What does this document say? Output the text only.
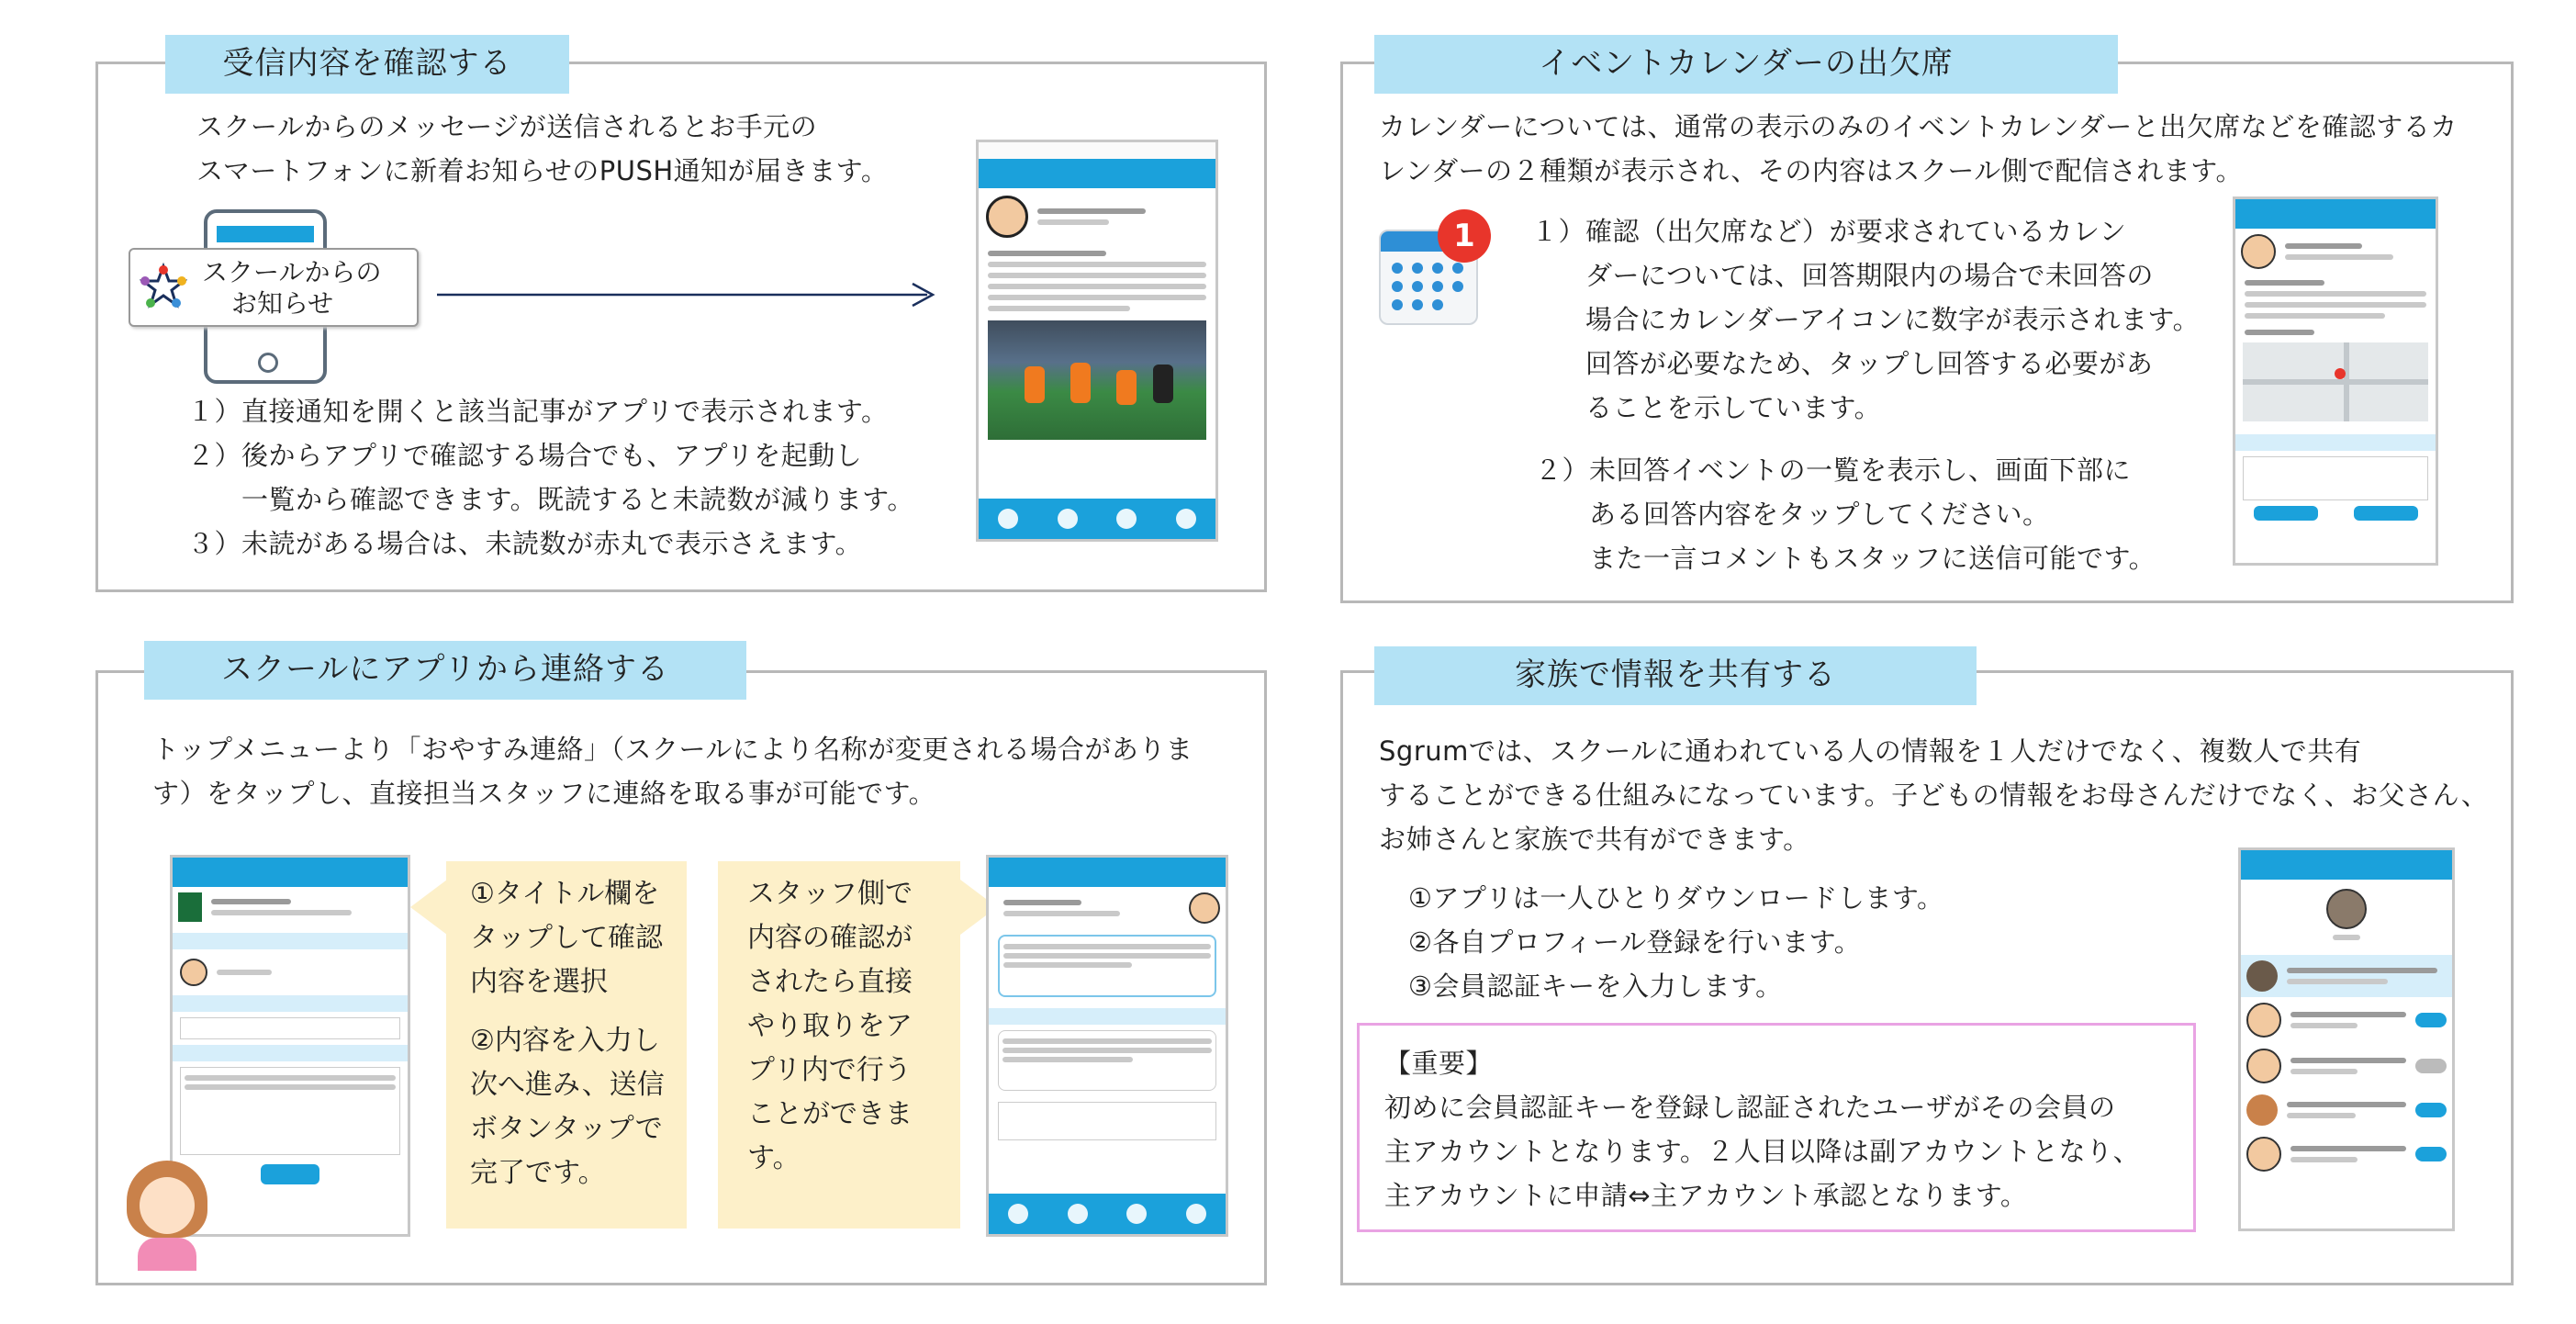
受信内容を確認する
スクールからのメッセージが送信されるとお手元の
スマートフォンに新着お知らせのPUSH通知が届きます。
スクールからの
お知らせ
１）直接通知を開くと該当記事がアプリで表示されます。
２）後からアプリで確認する場合でも、アプリを起動し
　　一覧から確認できます。既読すると未読数が減ります。
３）未読がある場合は、未読数が赤丸で表示さえます。
イベントカレンダーの出欠席
カレンダーについては、通常の表示のみのイベントカレンダーと出欠席などを確認するカ
レンダーの２種類が表示され、その内容はスクール側で配信されます。
1	１）確認（出欠席など）が要求されているカレン
　　ダーについては、回答期限内の場合で未回答の
　　場合にカレンダーアイコンに数字が表示されます。
　　回答が必要なため、タップし回答する必要があ
　　ることを示しています。
２）未回答イベントの一覧を表示し、画面下部に
　　ある回答内容をタップしてください。
　　また一言コメントもスタッフに送信可能です。
スクールにアプリから連絡する
トップメニューより「おやすみ連絡」（スクールにより名称が変更される場合がありま
す）をタップし、直接担当スタッフに連絡を取る事が可能です。
①タイトル欄を
タップして確認
内容を選択
②内容を入力し
次へ進み、送信
ボタンタップで
完了です。
スタッフ側で
内容の確認が
されたら直接
やり取りをア
プリ内で行う
ことができま
す。
家族で情報を共有する
Sgrumでは、スクールに通われている人の情報を１人だけでなく、複数人で共有
することができる仕組みになっています。子どもの情報をお母さんだけでなく、お父さん、
お姉さんと家族で共有ができます。
①アプリは一人ひとりダウンロードします。
②各自プロフィール登録を行います。
③会員認証キーを入力します。
【重要】
初めに会員認証キーを登録し認証されたユーザがその会員の
主アカウントとなります。２人目以降は副アカウントとなり、
主アカウントに申請⇔主アカウント承認となります。
